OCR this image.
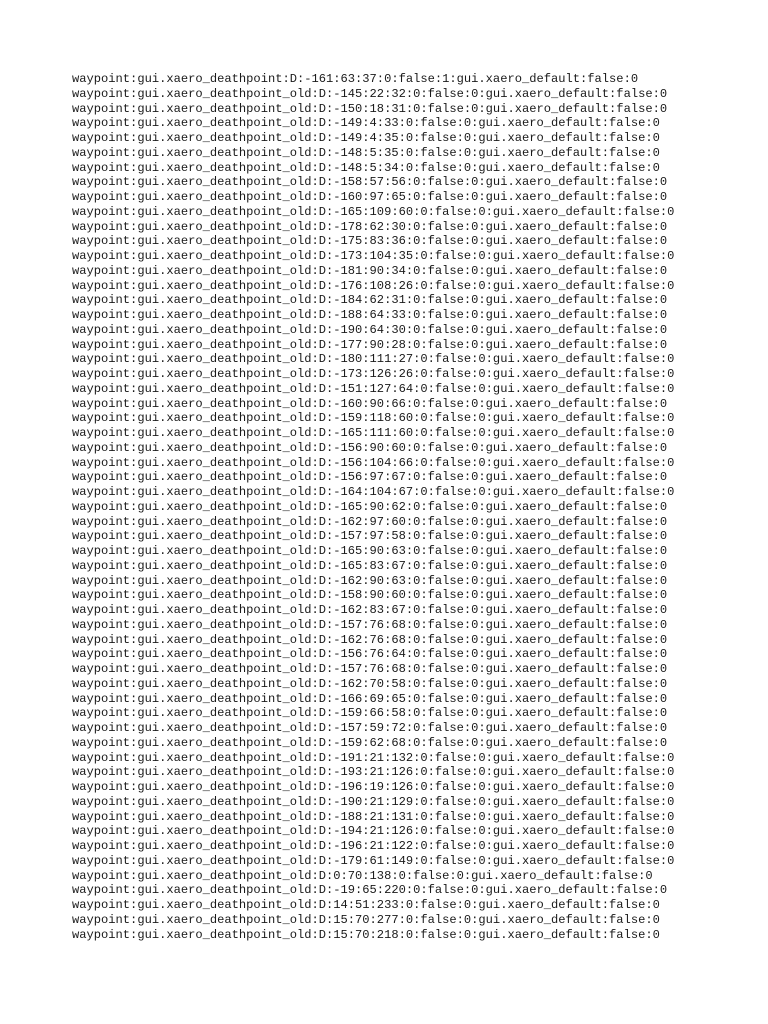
waypoint:gui.xaero_deathpoint:D:-161:63:37:0:false:1:gui.xaero_default:false:0
waypoint:gui.xaero_deathpoint_old:D:-145:22:32:0:false:0:gui.xaero_default:false:0
waypoint:gui.xaero_deathpoint_old:D:-150:18:31:0:false:0:gui.xaero_default:false:0
waypoint:gui.xaero_deathpoint_old:D:-149:4:33:0:false:0:gui.xaero_default:false:0
waypoint:gui.xaero_deathpoint_old:D:-149:4:35:0:false:0:gui.xaero_default:false:0
waypoint:gui.xaero_deathpoint_old:D:-148:5:35:0:false:0:gui.xaero_default:false:0
waypoint:gui.xaero_deathpoint_old:D:-148:5:34:0:false:0:gui.xaero_default:false:0
waypoint:gui.xaero_deathpoint_old:D:-158:57:56:0:false:0:gui.xaero_default:false:0
waypoint:gui.xaero_deathpoint_old:D:-160:97:65:0:false:0:gui.xaero_default:false:0
waypoint:gui.xaero_deathpoint_old:D:-165:109:60:0:false:0:gui.xaero_default:false:0
waypoint:gui.xaero_deathpoint_old:D:-178:62:30:0:false:0:gui.xaero_default:false:0
waypoint:gui.xaero_deathpoint_old:D:-175:83:36:0:false:0:gui.xaero_default:false:0
waypoint:gui.xaero_deathpoint_old:D:-173:104:35:0:false:0:gui.xaero_default:false:0
waypoint:gui.xaero_deathpoint_old:D:-181:90:34:0:false:0:gui.xaero_default:false:0
waypoint:gui.xaero_deathpoint_old:D:-176:108:26:0:false:0:gui.xaero_default:false:0
waypoint:gui.xaero_deathpoint_old:D:-184:62:31:0:false:0:gui.xaero_default:false:0
waypoint:gui.xaero_deathpoint_old:D:-188:64:33:0:false:0:gui.xaero_default:false:0
waypoint:gui.xaero_deathpoint_old:D:-190:64:30:0:false:0:gui.xaero_default:false:0
waypoint:gui.xaero_deathpoint_old:D:-177:90:28:0:false:0:gui.xaero_default:false:0
waypoint:gui.xaero_deathpoint_old:D:-180:111:27:0:false:0:gui.xaero_default:false:0
waypoint:gui.xaero_deathpoint_old:D:-173:126:26:0:false:0:gui.xaero_default:false:0
waypoint:gui.xaero_deathpoint_old:D:-151:127:64:0:false:0:gui.xaero_default:false:0
waypoint:gui.xaero_deathpoint_old:D:-160:90:66:0:false:0:gui.xaero_default:false:0
waypoint:gui.xaero_deathpoint_old:D:-159:118:60:0:false:0:gui.xaero_default:false:0
waypoint:gui.xaero_deathpoint_old:D:-165:111:60:0:false:0:gui.xaero_default:false:0
waypoint:gui.xaero_deathpoint_old:D:-156:90:60:0:false:0:gui.xaero_default:false:0
waypoint:gui.xaero_deathpoint_old:D:-156:104:66:0:false:0:gui.xaero_default:false:0
waypoint:gui.xaero_deathpoint_old:D:-156:97:67:0:false:0:gui.xaero_default:false:0
waypoint:gui.xaero_deathpoint_old:D:-164:104:67:0:false:0:gui.xaero_default:false:0
waypoint:gui.xaero_deathpoint_old:D:-165:90:62:0:false:0:gui.xaero_default:false:0
waypoint:gui.xaero_deathpoint_old:D:-162:97:60:0:false:0:gui.xaero_default:false:0
waypoint:gui.xaero_deathpoint_old:D:-157:97:58:0:false:0:gui.xaero_default:false:0
waypoint:gui.xaero_deathpoint_old:D:-165:90:63:0:false:0:gui.xaero_default:false:0
waypoint:gui.xaero_deathpoint_old:D:-165:83:67:0:false:0:gui.xaero_default:false:0
waypoint:gui.xaero_deathpoint_old:D:-162:90:63:0:false:0:gui.xaero_default:false:0
waypoint:gui.xaero_deathpoint_old:D:-158:90:60:0:false:0:gui.xaero_default:false:0
waypoint:gui.xaero_deathpoint_old:D:-162:83:67:0:false:0:gui.xaero_default:false:0
waypoint:gui.xaero_deathpoint_old:D:-157:76:68:0:false:0:gui.xaero_default:false:0
waypoint:gui.xaero_deathpoint_old:D:-162:76:68:0:false:0:gui.xaero_default:false:0
waypoint:gui.xaero_deathpoint_old:D:-156:76:64:0:false:0:gui.xaero_default:false:0
waypoint:gui.xaero_deathpoint_old:D:-157:76:68:0:false:0:gui.xaero_default:false:0
waypoint:gui.xaero_deathpoint_old:D:-162:70:58:0:false:0:gui.xaero_default:false:0
waypoint:gui.xaero_deathpoint_old:D:-166:69:65:0:false:0:gui.xaero_default:false:0
waypoint:gui.xaero_deathpoint_old:D:-159:66:58:0:false:0:gui.xaero_default:false:0
waypoint:gui.xaero_deathpoint_old:D:-157:59:72:0:false:0:gui.xaero_default:false:0
waypoint:gui.xaero_deathpoint_old:D:-159:62:68:0:false:0:gui.xaero_default:false:0
waypoint:gui.xaero_deathpoint_old:D:-191:21:132:0:false:0:gui.xaero_default:false:0
waypoint:gui.xaero_deathpoint_old:D:-193:21:126:0:false:0:gui.xaero_default:false:0
waypoint:gui.xaero_deathpoint_old:D:-196:19:126:0:false:0:gui.xaero_default:false:0
waypoint:gui.xaero_deathpoint_old:D:-190:21:129:0:false:0:gui.xaero_default:false:0
waypoint:gui.xaero_deathpoint_old:D:-188:21:131:0:false:0:gui.xaero_default:false:0
waypoint:gui.xaero_deathpoint_old:D:-194:21:126:0:false:0:gui.xaero_default:false:0
waypoint:gui.xaero_deathpoint_old:D:-196:21:122:0:false:0:gui.xaero_default:false:0
waypoint:gui.xaero_deathpoint_old:D:-179:61:149:0:false:0:gui.xaero_default:false:0
waypoint:gui.xaero_deathpoint_old:D:0:70:138:0:false:0:gui.xaero_default:false:0
waypoint:gui.xaero_deathpoint_old:D:-19:65:220:0:false:0:gui.xaero_default:false:0
waypoint:gui.xaero_deathpoint_old:D:14:51:233:0:false:0:gui.xaero_default:false:0
waypoint:gui.xaero_deathpoint_old:D:15:70:277:0:false:0:gui.xaero_default:false:0
waypoint:gui.xaero_deathpoint_old:D:15:70:218:0:false:0:gui.xaero_default:false:0
